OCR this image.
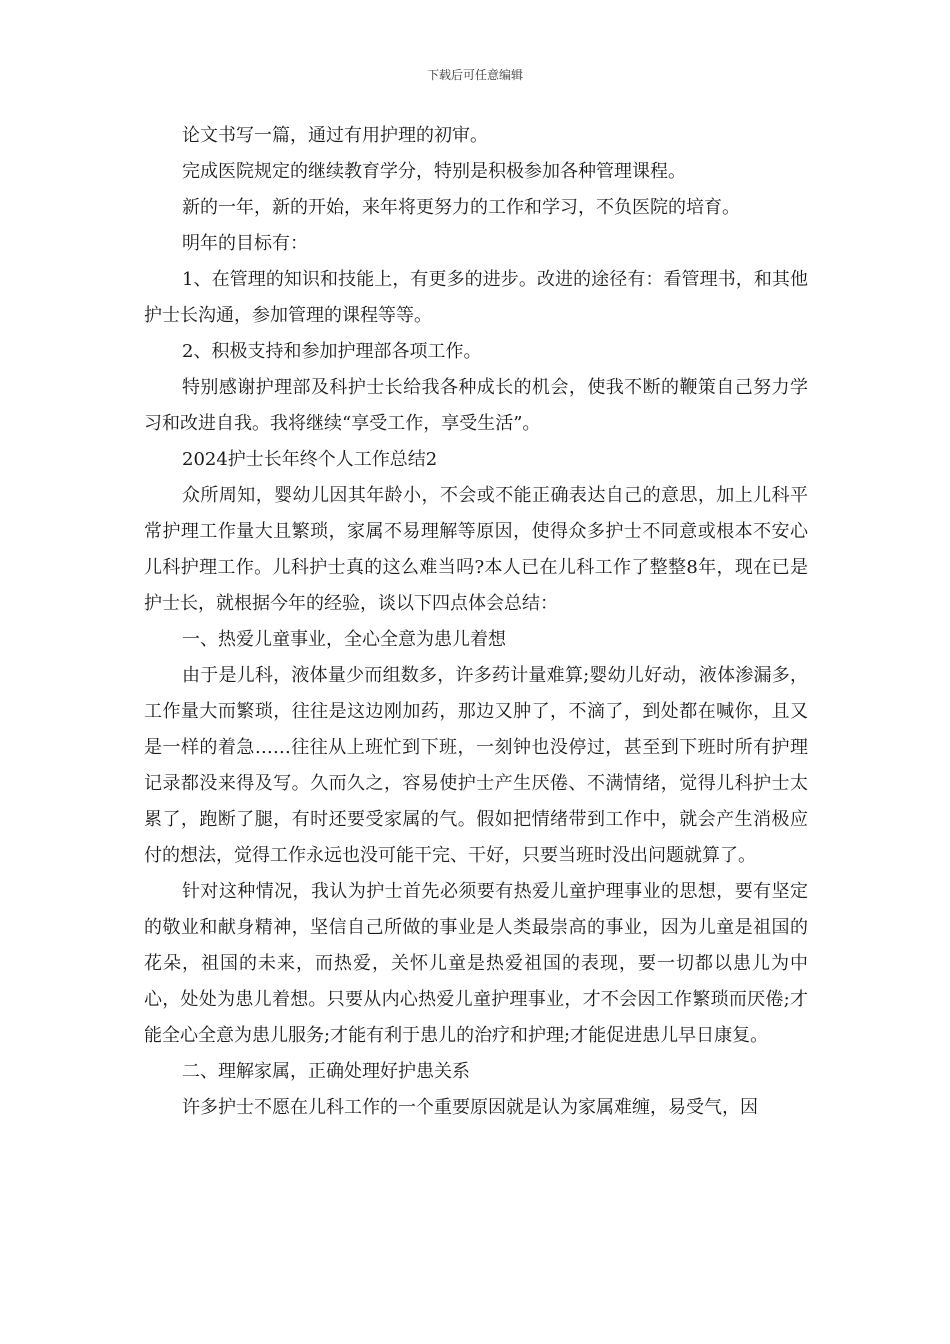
下载后可任意编辑

论文书写一篇，通过有用护理的初审。

完成医院规定的继续教育学分，特别是积极参加各种管理课程。

新的一年，新的开始，来年将更努力的工作和学习，不负医院的培育。

明年的目标有：

1、在管理的知识和技能上，有更多的进步。改进的途径有：看管理书，和其他护士长沟通，参加管理的课程等等。

2、积极支持和参加护理部各项工作。

特别感谢护理部及科护士长给我各种成长的机会，使我不断的鞭策自己努力学习和改进自我。我将继续“享受工作，享受生活”。

2024护士长年终个人工作总结2

众所周知，婴幼儿因其年龄小，不会或不能正确表达自己的意思，加上儿科平常护理工作量大且繁琐，家属不易理解等原因，使得众多护士不同意或根本不安心儿科护理工作。儿科护士真的这么难当吗?本人已在儿科工作了整整8年，现在已是护士长，就根据今年的经验，谈以下四点体会总结：

一、热爱儿童事业，全心全意为患儿着想

由于是儿科，液体量少而组数多，许多药计量难算;婴幼儿好动，液体渗漏多，工作量大而繁琐，往往是这边刚加药，那边又肿了，不滴了，到处都在喊你，且又是一样的着急……往往从上班忙到下班，一刻钟也没停过，甚至到下班时所有护理记录都没来得及写。久而久之，容易使护士产生厌倦、不满情绪，觉得儿科护士太累了，跑断了腿，有时还要受家属的气。假如把情绪带到工作中，就会产生消极应付的想法，觉得工作永远也没可能干完、干好，只要当班时没出问题就算了。

针对这种情况，我认为护士首先必须要有热爱儿童护理事业的思想，要有坚定的敬业和献身精神，坚信自己所做的事业是人类最崇高的事业，因为儿童是祖国的花朵，祖国的未来，而热爱，关怀儿童是热爱祖国的表现，要一切都以患儿为中心，处处为患儿着想。只要从内心热爱儿童护理事业，才不会因工作繁琐而厌倦;才能全心全意为患儿服务;才能有利于患儿的治疗和护理;才能促进患儿早日康复。

二、理解家属，正确处理好护患关系

许多护士不愿在儿科工作的一个重要原因就是认为家属难缠，易受气，因
